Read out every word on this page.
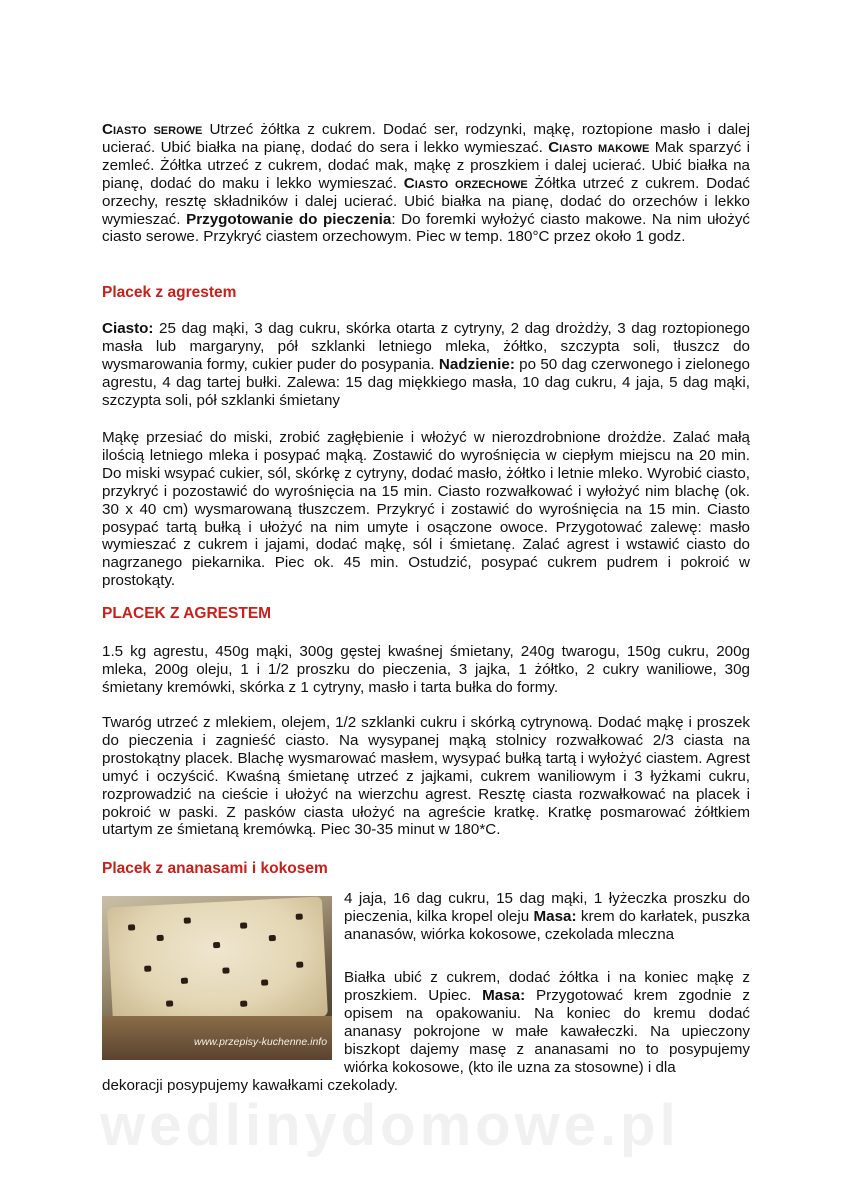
Ciasto serowe Utrzeć żółtka z cukrem. Dodać ser, rodzynki, mąkę, roztopione masło i dalej ucierać. Ubić białka na pianę, dodać do sera i lekko wymieszać. Ciasto makowe Mak sparzyć i zemleć. Żółtka utrzeć z cukrem, dodać mak, mąkę z proszkiem i dalej ucierać. Ubić białka na pianę, dodać do maku i lekko wymieszać. Ciasto orzechowe Żółtka utrzeć z cukrem. Dodać orzechy, resztę składników i dalej ucierać. Ubić białka na pianę, dodać do orzechów i lekko wymieszać. Przygotowanie do pieczenia: Do foremki wyłożyć ciasto makowe. Na nim ułożyć ciasto serowe. Przykryć ciastem orzechowym. Piec w temp. 180°C przez około 1 godz.
Placek z agrestem
Ciasto: 25 dag mąki, 3 dag cukru, skórka otarta z cytryny, 2 dag drożdży, 3 dag roztopionego masła lub margaryny, pół szklanki letniego mleka, żółtko, szczypta soli, tłuszcz do wysmarowania formy, cukier puder do posypania. Nadzienie: po 50 dag czerwonego i zielonego agrestu, 4 dag tartej bułki. Zalewa: 15 dag miękkiego masła, 10 dag cukru, 4 jaja, 5 dag mąki, szczypta soli, pół szklanki śmietany
Mąkę przesiać do miski, zrobić zagłębienie i włożyć w nierozdrobnione drożdże. Zalać małą ilością letniego mleka i posypać mąką. Zostawić do wyrośnięcia w ciepłym miejscu na 20 min. Do miski wsypać cukier, sól, skórkę z cytryny, dodać masło, żółtko i letnie mleko. Wyrobić ciasto, przykryć i pozostawić do wyrośnięcia na 15 min. Ciasto rozwałkować i wyłożyć nim blachę (ok. 30 x 40 cm) wysmarowaną tłuszczem. Przykryć i zostawić do wyrośnięcia na 15 min. Ciasto posypać tartą bułką i ułożyć na nim umyte i osączone owoce. Przygotować zalewę: masło wymieszać z cukrem i jajami, dodać mąkę, sól i śmietanę. Zalać agrest i wstawić ciasto do nagrzanego piekarnika. Piec ok. 45 min. Ostudzić, posypać cukrem pudrem i pokroić w prostokąty.
PLACEK Z AGRESTEM
1.5 kg agrestu, 450g mąki, 300g gęstej kwaśnej śmietany, 240g twarogu, 150g cukru, 200g mleka, 200g oleju, 1 i 1/2 proszku do pieczenia, 3 jajka, 1 żółtko, 2 cukry waniliowe, 30g śmietany kremówki, skórka z 1 cytryny, masło i tarta bułka do formy.
Twaróg utrzeć z mlekiem, olejem, 1/2 szklanki cukru i skórką cytrynową. Dodać mąkę i proszek do pieczenia i zagnieść ciasto. Na wysypanej mąką stolnicy rozwałkować 2/3 ciasta na prostokątny placek. Blachę wysmarować masłem, wysypać bułką tartą i wyłożyć ciastem. Agrest umyć i oczyścić. Kwaśną śmietanę utrzeć z jajkami, cukrem waniliowym i 3 łyżkami cukru, rozprowadzić na cieście i ułożyć na wierzchu agrest. Resztę ciasta rozwałkować na placek i pokroić w paski. Z pasków ciasta ułożyć na agreście kratkę. Kratkę posmarować żółtkiem utartym ze śmietaną kremówką. Piec 30-35 minut w 180*C.
Placek z ananasami i kokosem
www.przepisy-kuchenne.info
4 jaja, 16 dag cukru, 15 dag mąki, 1 łyżeczka proszku do pieczenia, kilka kropel oleju Masa: krem do karłatek, puszka ananasów, wiórka kokosowe, czekolada mleczna
Białka ubić z cukrem, dodać żółtka i na koniec mąkę z proszkiem. Upiec. Masa: Przygotować krem zgodnie z opisem na opakowaniu. Na koniec do kremu dodać ananasy pokrojone w małe kawałeczki. Na upieczony biszkopt dajemy masę z ananasami no to posypujemy wiórka kokosowe, (kto ile uzna za stosowne) i dla
dekoracji posypujemy kawałkami czekolady.
wedlinydomowe.pl
